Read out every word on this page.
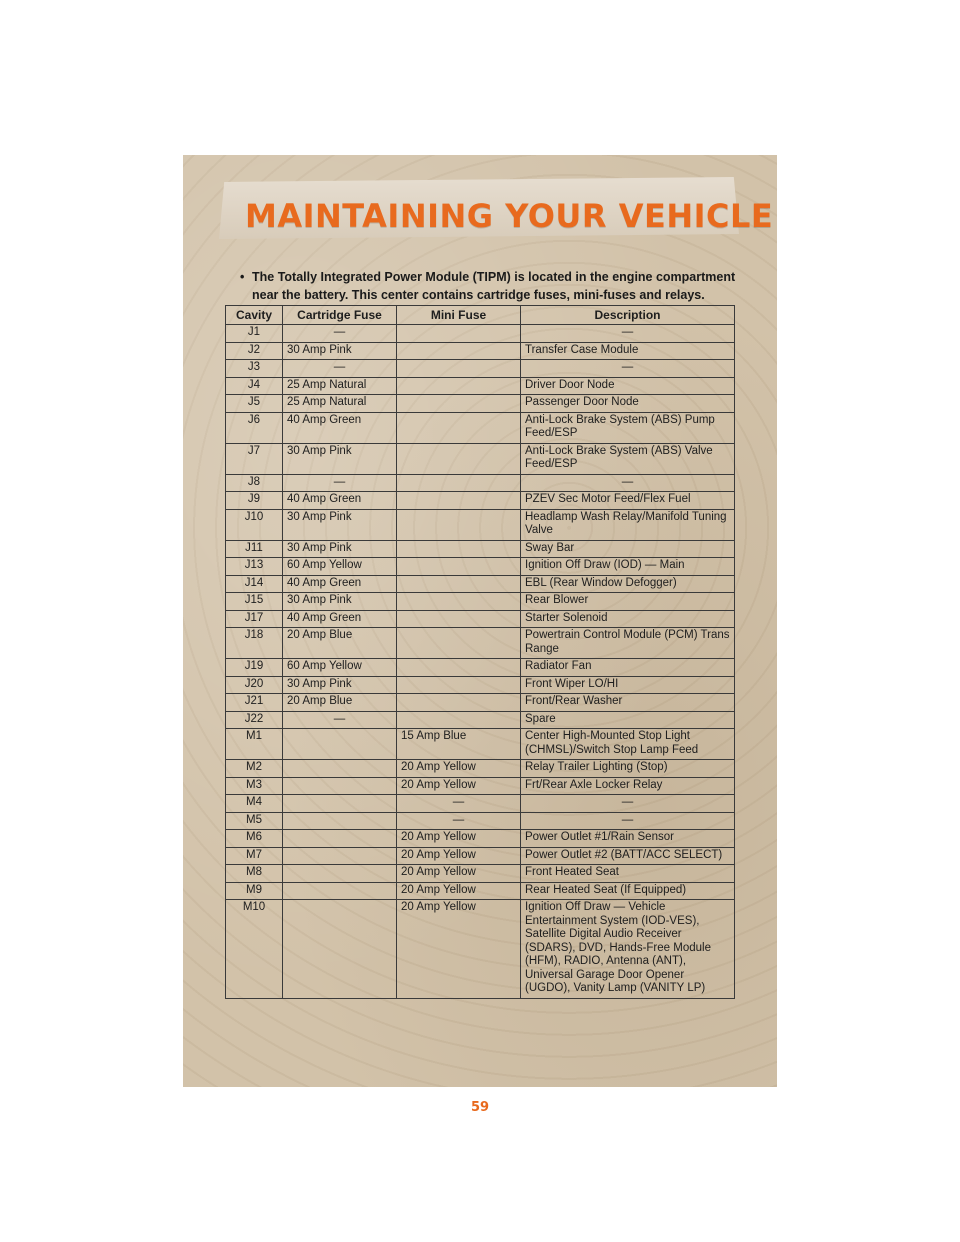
MAINTAINING YOUR VEHICLE

• The Totally Integrated Power Module (TIPM) is located in the engine compartment near the battery. This center contains cartridge fuses, mini-fuses and relays.

Cavity	Cartridge Fuse	Mini Fuse	Description
J1	—		—
J2	30 Amp Pink		Transfer Case Module
J3	—		—
J4	25 Amp Natural		Driver Door Node
J5	25 Amp Natural		Passenger Door Node
J6	40 Amp Green		Anti-Lock Brake System (ABS) Pump Feed/ESP
J7	30 Amp Pink		Anti-Lock Brake System (ABS) Valve Feed/ESP
J8	—		—
J9	40 Amp Green		PZEV Sec Motor Feed/Flex Fuel
J10	30 Amp Pink		Headlamp Wash Relay/Manifold Tuning Valve
J11	30 Amp Pink		Sway Bar
J13	60 Amp Yellow		Ignition Off Draw (IOD) — Main
J14	40 Amp Green		EBL (Rear Window Defogger)
J15	30 Amp Pink		Rear Blower
J17	40 Amp Green		Starter Solenoid
J18	20 Amp Blue		Powertrain Control Module (PCM) Trans Range
J19	60 Amp Yellow		Radiator Fan
J20	30 Amp Pink		Front Wiper LO/HI
J21	20 Amp Blue		Front/Rear Washer
J22	—		Spare
M1		15 Amp Blue	Center High-Mounted Stop Light (CHMSL)/Switch Stop Lamp Feed
M2		20 Amp Yellow	Relay Trailer Lighting (Stop)
M3		20 Amp Yellow	Frt/Rear Axle Locker Relay
M4		—	—
M5		—	—
M6		20 Amp Yellow	Power Outlet #1/Rain Sensor
M7		20 Amp Yellow	Power Outlet #2 (BATT/ACC SELECT)
M8		20 Amp Yellow	Front Heated Seat
M9		20 Amp Yellow	Rear Heated Seat (If Equipped)
M10		20 Amp Yellow	Ignition Off Draw — Vehicle Entertainment System (IOD-VES), Satellite Digital Audio Receiver (SDARS), DVD, Hands-Free Module (HFM), RADIO, Antenna (ANT), Universal Garage Door Opener (UGDO), Vanity Lamp (VANITY LP)

59
